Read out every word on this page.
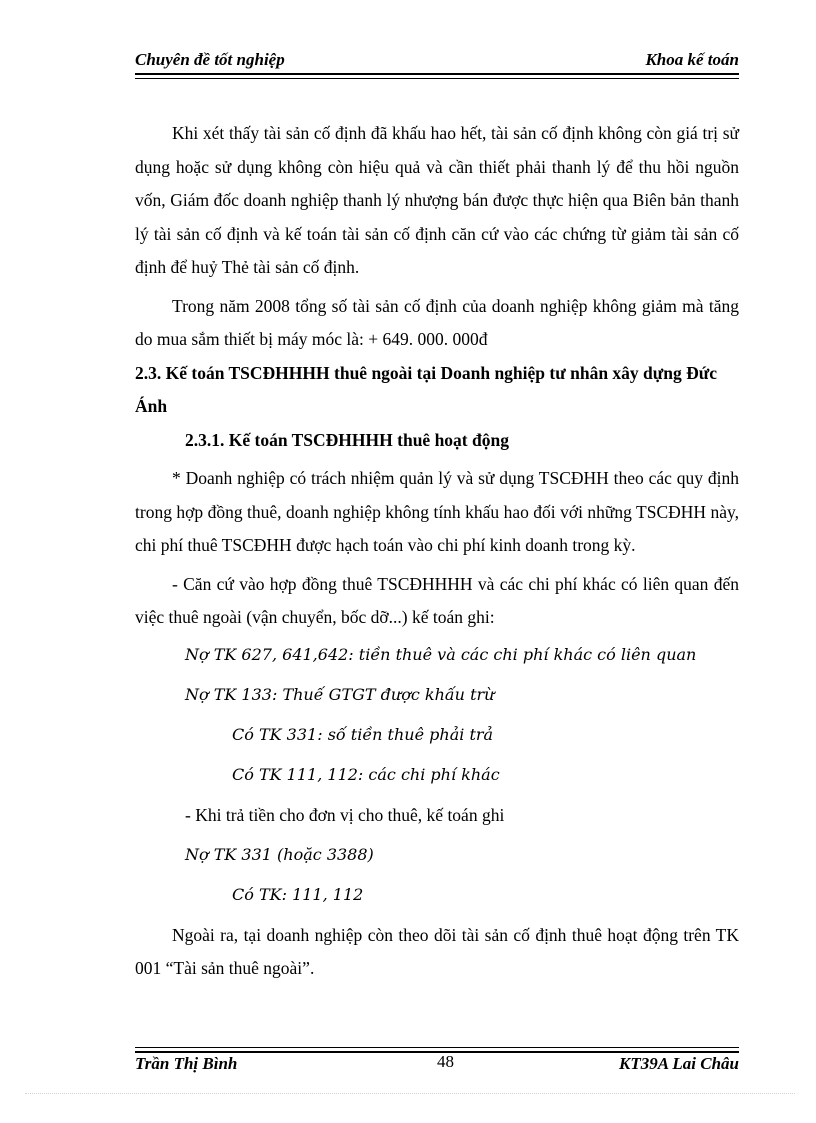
Chuyên đề tốt nghiệp	Khoa kế toán

Khi xét thấy tài sản cố định đã khấu hao hết, tài sản cố định không còn giá trị sử dụng hoặc sử dụng không còn hiệu quả và cần thiết phải thanh lý để thu hồi nguồn vốn, Giám đốc doanh nghiệp thanh lý nhượng bán được thực hiện qua Biên bản thanh lý tài sản cố định và kế toán tài sản cố định căn cứ vào các chứng từ giảm tài sản cố định để huỷ Thẻ tài sản cố định.

Trong năm 2008 tổng số tài sản cố định của doanh nghiệp không giảm mà tăng do mua sắm thiết bị máy móc là: + 649. 000. 000đ

2.3. Kế toán TSCĐHHHH thuê ngoài tại Doanh nghiệp tư nhân xây dựng Đức Ánh

2.3.1. Kế toán TSCĐHHHH thuê hoạt động

* Doanh nghiệp có trách nhiệm quản lý và sử dụng TSCĐHH theo các quy định trong hợp đồng thuê, doanh nghiệp không tính khấu hao đối với những TSCĐHH này, chi phí thuê TSCĐHH được hạch toán vào chi phí kinh doanh trong kỳ.

- Căn cứ vào hợp đồng thuê TSCĐHHHH và các chi phí khác có liên quan đến việc thuê ngoài (vận chuyển, bốc dỡ...) kế toán ghi:

Nợ TK 627, 641,642: tiền thuê và các chi phí khác có liên quan

Nợ TK 133: Thuế GTGT được khấu trừ

Có TK 331: số tiền thuê phải trả

Có TK 111, 112: các chi phí khác

- Khi trả tiền cho đơn vị cho thuê, kế toán ghi

Nợ TK 331 (hoặc 3388)

Có TK: 111, 112

Ngoài ra, tại doanh nghiệp còn theo dõi tài sản cố định thuê hoạt động trên TK 001 “Tài sản thuê ngoài”.

Trần Thị Bình	48	KT39A Lai Châu
